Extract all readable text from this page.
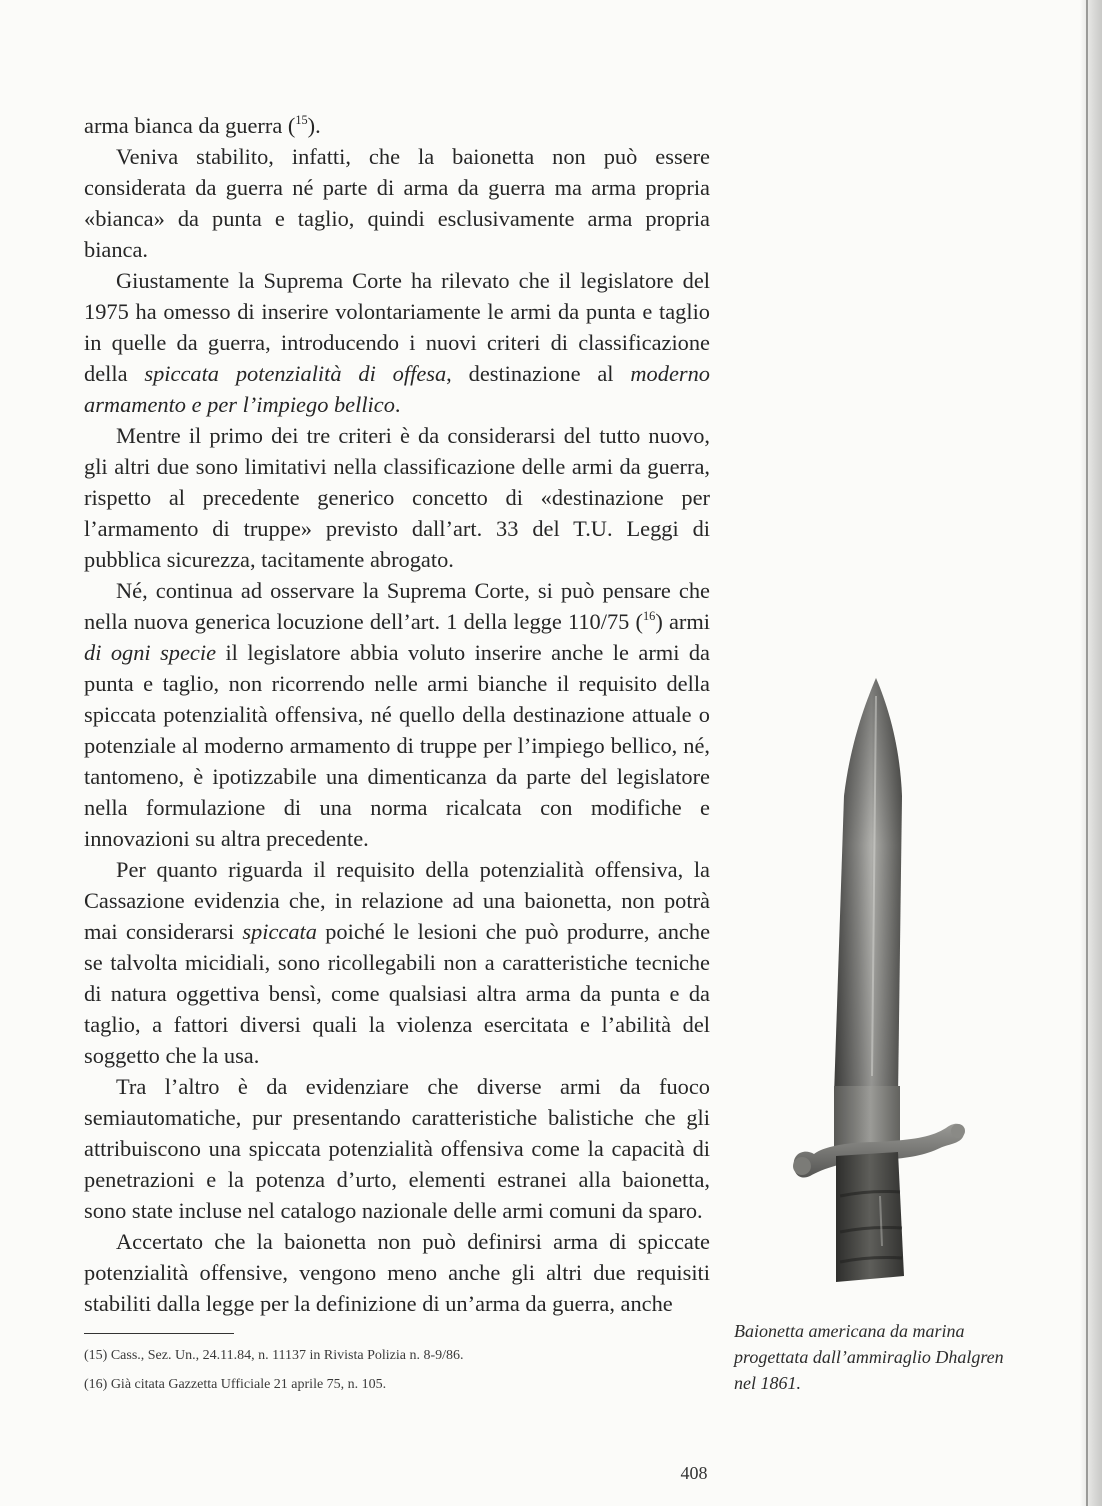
arma bianca da guerra ($^{15}$).

Veniva stabilito, infatti, che la baionetta non può essere considerata da guerra né parte di arma da guerra ma arma propria «bianca» da punta e taglio, quindi esclusivamente arma propria bianca.

Giustamente la Suprema Corte ha rilevato che il legislatore del 1975 ha omesso di inserire volontariamente le armi da punta e taglio in quelle da guerra, introducendo i nuovi criteri di classificazione della spiccata potenzialità di offesa, destinazione al moderno armamento e per l’impiego bellico.

Mentre il primo dei tre criteri è da considerarsi del tutto nuovo, gli altri due sono limitativi nella classificazione delle armi da guerra, rispetto al precedente generico concetto di «destinazione per l’armamento di truppe» previsto dall’art. 33 del T.U. Leggi di pubblica sicurezza, tacitamente abrogato.

Né, continua ad osservare la Suprema Corte, si può pensare che nella nuova generica locuzione dell’art. 1 della legge 110/75 ($^{16}$) armi di ogni specie il legislatore abbia voluto inserire anche le armi da punta e taglio, non ricorrendo nelle armi bianche il requisito della spiccata potenzialità offensiva, né quello della destinazione attuale o potenziale al moderno armamento di truppe per l’impiego bellico, né, tantomeno, è ipotizzabile una dimenticanza da parte del legislatore nella formulazione di una norma ricalcata con modifiche e innovazioni su altra precedente.

Per quanto riguarda il requisito della potenzialità offensiva, la Cassazione evidenzia che, in relazione ad una baionetta, non potrà mai considerarsi spiccata poiché le lesioni che può produrre, anche se talvolta micidiali, sono ricollegabili non a caratteristiche tecniche di natura oggettiva bensì, come qualsiasi altra arma da punta e da taglio, a fattori diversi quali la violenza esercitata e l’abilità del soggetto che la usa.

Tra l’altro è da evidenziare che diverse armi da fuoco semiautomatiche, pur presentando caratteristiche balistiche che gli attribuiscono una spiccata potenzialità offensiva come la capacità di penetrazioni e la potenza d’urto, elementi estranei alla baionetta, sono state incluse nel catalogo nazionale delle armi comuni da sparo.

Accertato che la baionetta non può definirsi arma di spiccate potenzialità offensive, vengono meno anche gli altri due requisiti stabiliti dalla legge per la definizione di un’arma da guerra, anche

(15) Cass., Sez. Un., 24.11.84, n. 11137 in Rivista Polizia n. 8-9/86.

(16) Già citata Gazzetta Ufficiale 21 aprile 75, n. 105.

Baionetta americana da marina progettata dall’ammiraglio Dhalgren nel 1861.
408
